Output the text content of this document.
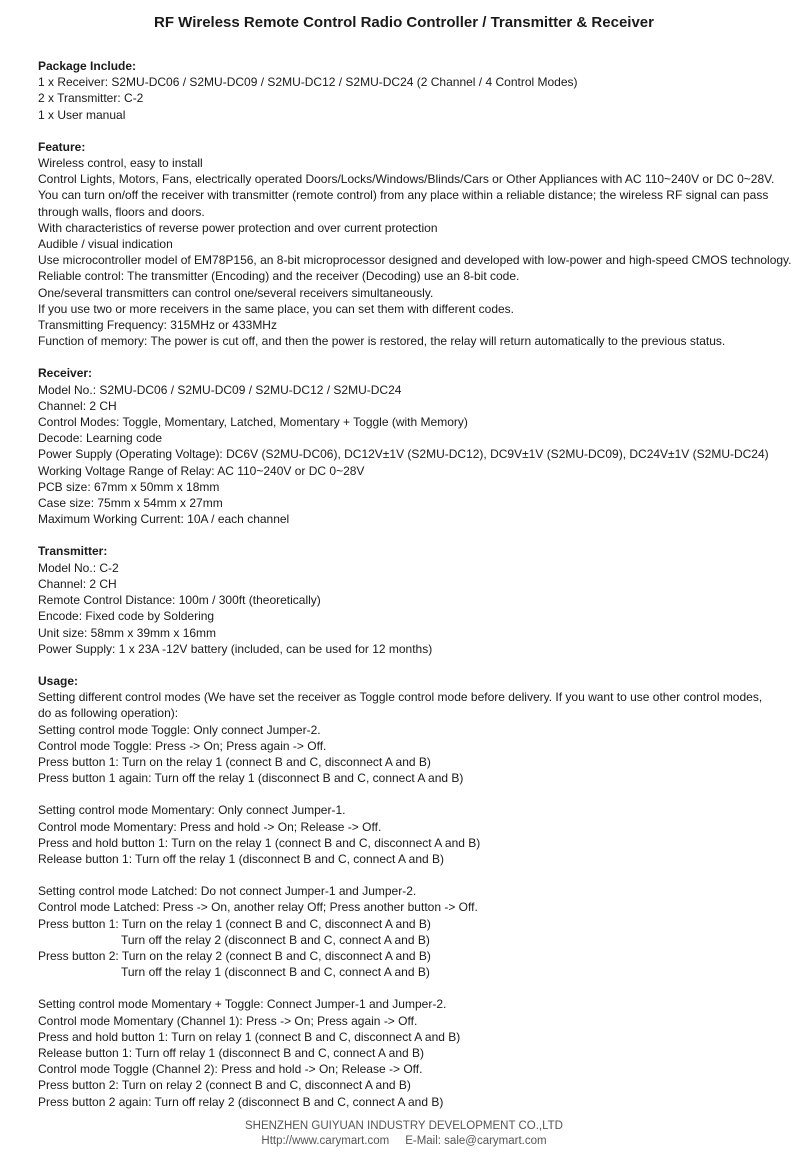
RF Wireless Remote Control Radio Controller / Transmitter & Receiver
Package Include:
1 x Receiver: S2MU-DC06 / S2MU-DC09 / S2MU-DC12 / S2MU-DC24 (2 Channel / 4 Control Modes)
2 x Transmitter: C-2
1 x User manual
Feature:
Wireless control, easy to install
Control Lights, Motors, Fans, electrically operated Doors/Locks/Windows/Blinds/Cars or Other Appliances with AC 110~240V or DC 0~28V.
You can turn on/off the receiver with transmitter (remote control) from any place within a reliable distance; the wireless RF signal can pass through walls, floors and doors.
With characteristics of reverse power protection and over current protection
Audible / visual indication
Use microcontroller model of EM78P156, an 8-bit microprocessor designed and developed with low-power and high-speed CMOS technology.
Reliable control: The transmitter (Encoding) and the receiver (Decoding) use an 8-bit code.
One/several transmitters can control one/several receivers simultaneously.
If you use two or more receivers in the same place, you can set them with different codes.
Transmitting Frequency: 315MHz or 433MHz
Function of memory: The power is cut off, and then the power is restored, the relay will return automatically to the previous status.
Receiver:
Model No.: S2MU-DC06 / S2MU-DC09 / S2MU-DC12 / S2MU-DC24
Channel: 2 CH
Control Modes: Toggle, Momentary, Latched, Momentary + Toggle (with Memory)
Decode: Learning code
Power Supply (Operating Voltage): DC6V (S2MU-DC06), DC12V±1V (S2MU-DC12), DC9V±1V (S2MU-DC09), DC24V±1V (S2MU-DC24)
Working Voltage Range of Relay: AC 110~240V or DC 0~28V
PCB size: 67mm x 50mm x 18mm
Case size: 75mm x 54mm x 27mm
Maximum Working Current: 10A / each channel
Transmitter:
Model No.: C-2
Channel: 2 CH
Remote Control Distance: 100m / 300ft (theoretically)
Encode: Fixed code by Soldering
Unit size: 58mm x 39mm x 16mm
Power Supply: 1 x 23A -12V battery (included, can be used for 12 months)
Usage:
Setting different control modes (We have set the receiver as Toggle control mode before delivery. If you want to use other control modes, do as following operation):
Setting control mode Toggle: Only connect Jumper-2.
Control mode Toggle: Press -> On; Press again -> Off.
Press button 1: Turn on the relay 1 (connect B and C, disconnect A and B)
Press button 1 again: Turn off the relay 1 (disconnect B and C, connect A and B)
Setting control mode Momentary: Only connect Jumper-1.
Control mode Momentary: Press and hold -> On; Release -> Off.
Press and hold button 1: Turn on the relay 1 (connect B and C, disconnect A and B)
Release button 1: Turn off the relay 1 (disconnect B and C, connect A and B)
Setting control mode Latched: Do not connect Jumper-1 and Jumper-2.
Control mode Latched: Press -> On, another relay Off; Press another button -> Off.
Press button 1: Turn on the relay 1 (connect B and C, disconnect A and B)
Turn off the relay 2 (disconnect B and C, connect A and B)
Press button 2: Turn on the relay 2 (connect B and C, disconnect A and B)
Turn off the relay 1 (disconnect B and C, connect A and B)
Setting control mode Momentary + Toggle: Connect Jumper-1 and Jumper-2.
Control mode Momentary (Channel 1): Press -> On; Press again -> Off.
Press and hold button 1: Turn on relay 1 (connect B and C, disconnect A and B)
Release button 1: Turn off relay 1 (disconnect B and C, connect A and B)
Control mode Toggle (Channel 2): Press and hold -> On; Release -> Off.
Press button 2: Turn on relay 2 (connect B and C, disconnect A and B)
Press button 2 again: Turn off relay 2 (disconnect B and C, connect A and B)
SHENZHEN GUIYUAN INDUSTRY DEVELOPMENT CO.,LTD
Http://www.carymart.com E-Mail: sale@carymart.com
